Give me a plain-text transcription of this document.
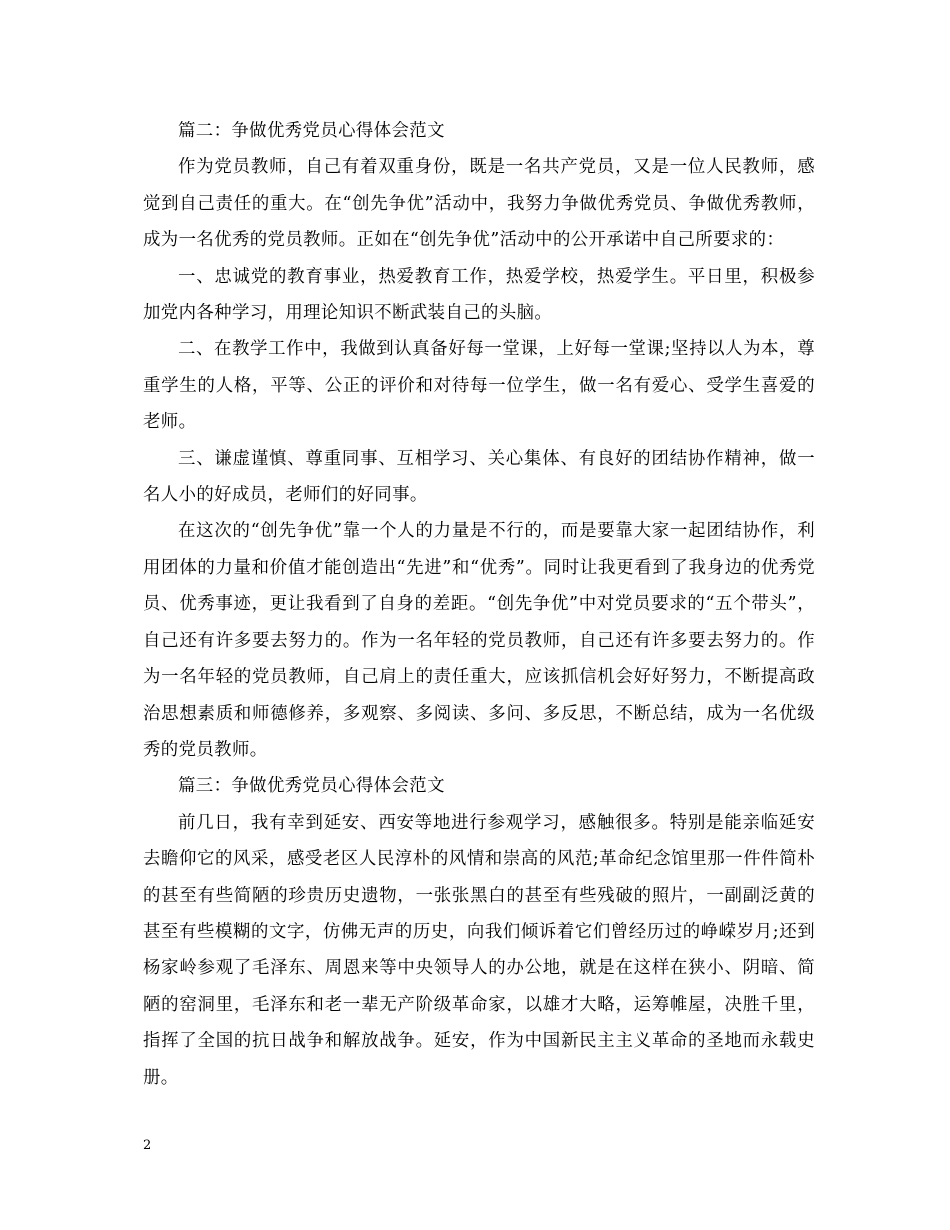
篇二：争做优秀党员心得体会范文

作为党员教师，自己有着双重身份，既是一名共产党员，又是一位人民教师，感觉到自己责任的重大。在“创先争优”活动中，我努力争做优秀党员、争做优秀教师，成为一名优秀的党员教师。正如在“创先争优”活动中的公开承诺中自己所要求的：

一、忠诚党的教育事业，热爱教育工作，热爱学校，热爱学生。平日里，积极参加党内各种学习，用理论知识不断武装自己的头脑。

二、在教学工作中，我做到认真备好每一堂课，上好每一堂课;坚持以人为本，尊重学生的人格，平等、公正的评价和对待每一位学生，做一名有爱心、受学生喜爱的老师。

三、谦虚谨慎、尊重同事、互相学习、关心集体、有良好的团结协作精神，做一名人小的好成员，老师们的好同事。

在这次的“创先争优”靠一个人的力量是不行的，而是要靠大家一起团结协作，利用团体的力量和价值才能创造出“先进”和“优秀”。同时让我更看到了我身边的优秀党员、优秀事迹，更让我看到了自身的差距。“创先争优”中对党员要求的“五个带头”，自己还有许多要去努力的。作为一名年轻的党员教师，自己还有许多要去努力的。作为一名年轻的党员教师，自己肩上的责任重大，应该抓信机会好好努力，不断提高政治思想素质和师德修养，多观察、多阅读、多问、多反思，不断总结，成为一名优级秀的党员教师。

篇三：争做优秀党员心得体会范文

前几日，我有幸到延安、西安等地进行参观学习，感触很多。特别是能亲临延安去瞻仰它的风采，感受老区人民淳朴的风情和崇高的风范;革命纪念馆里那一件件简朴的甚至有些简陋的珍贵历史遗物，一张张黑白的甚至有些残破的照片，一副副泛黄的甚至有些模糊的文字，仿佛无声的历史，向我们倾诉着它们曾经历过的峥嵘岁月;还到杨家岭参观了毛泽东、周恩来等中央领导人的办公地，就是在这样在狭小、阴暗、简陋的窑洞里，毛泽东和老一辈无产阶级革命家，以雄才大略，运筹帷屋，决胜千里，指挥了全国的抗日战争和解放战争。延安，作为中国新民主主义革命的圣地而永载史册。

2
